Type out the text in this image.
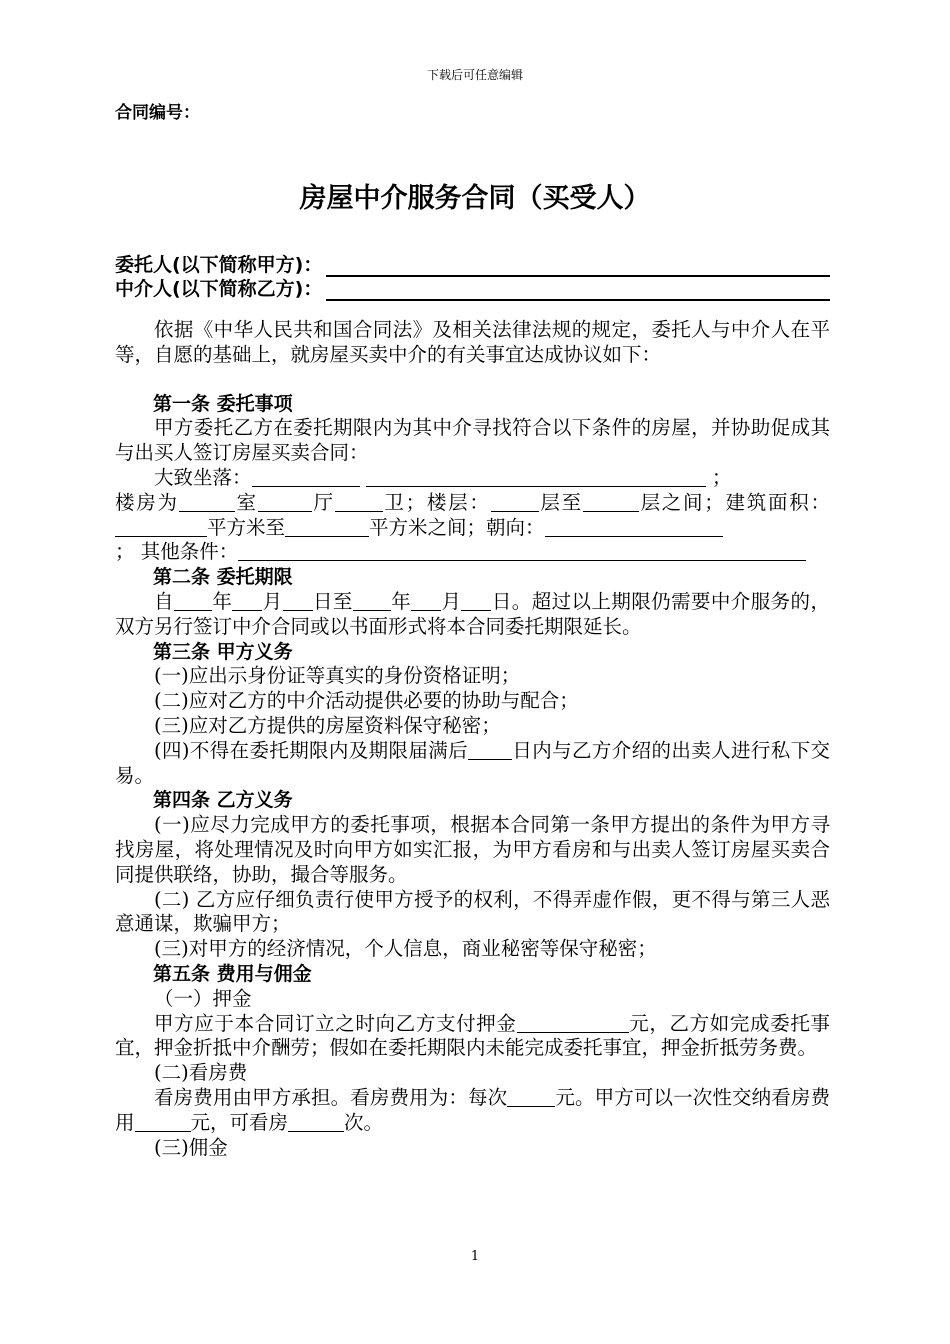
下载后可任意编辑
合同编号：
房屋中介服务合同（买受人）
委托人(以下简称甲方)：
中介人(以下简称乙方)：

依据《中华人民共和国合同法》及相关法律法规的规定，委托人与中介人在平等，自愿的基础上，就房屋买卖中介的有关事宜达成协议如下：

第一条 委托事项

甲方委托乙方在委托期限内为其中介寻找符合以下条件的房屋，并协助促成其与出买人签订房屋买卖合同：

大致坐落：	；

楼房为	室	厅 卫；楼层： 层至	层之间；建筑面积：平方米至	平方米之间；朝向：

； 其他条件：

第二条 委托期限

自 年 月 日至 年 月 日。超过以上期限仍需要中介服务的，双方另行签订中介合同或以书面形式将本合同委托期限延长。

第三条 甲方义务

(一)应出示身份证等真实的身份资格证明；

(二)应对乙方的中介活动提供必要的协助与配合；

(三)应对乙方提供的房屋资料保守秘密；

(四)不得在委托期限内及期限届满后 日内与乙方介绍的出卖人进行私下交易。

第四条 乙方义务

(一)应尽力完成甲方的委托事项，根据本合同第一条甲方提出的条件为甲方寻找房屋，将处理情况及时向甲方如实汇报，为甲方看房和与出卖人签订房屋买卖合同提供联络，协助，撮合等服务。

(二) 乙方应仔细负责行使甲方授予的权利，不得弄虚作假，更不得与第三人恶意通谋，欺骗甲方；

(三)对甲方的经济情况，个人信息，商业秘密等保守秘密；

第五条 费用与佣金

（一）押金

甲方应于本合同订立之时向乙方支付押金	元，乙方如完成委托事宜，押金折抵中介酬劳；假如在委托期限内未能完成委托事宜，押金折抵劳务费。

(二)看房费

看房费用由甲方承担。看房费用为：每次 元。甲方可以一次性交纳看房费用	元，可看房	次。

(三)佣金

1
